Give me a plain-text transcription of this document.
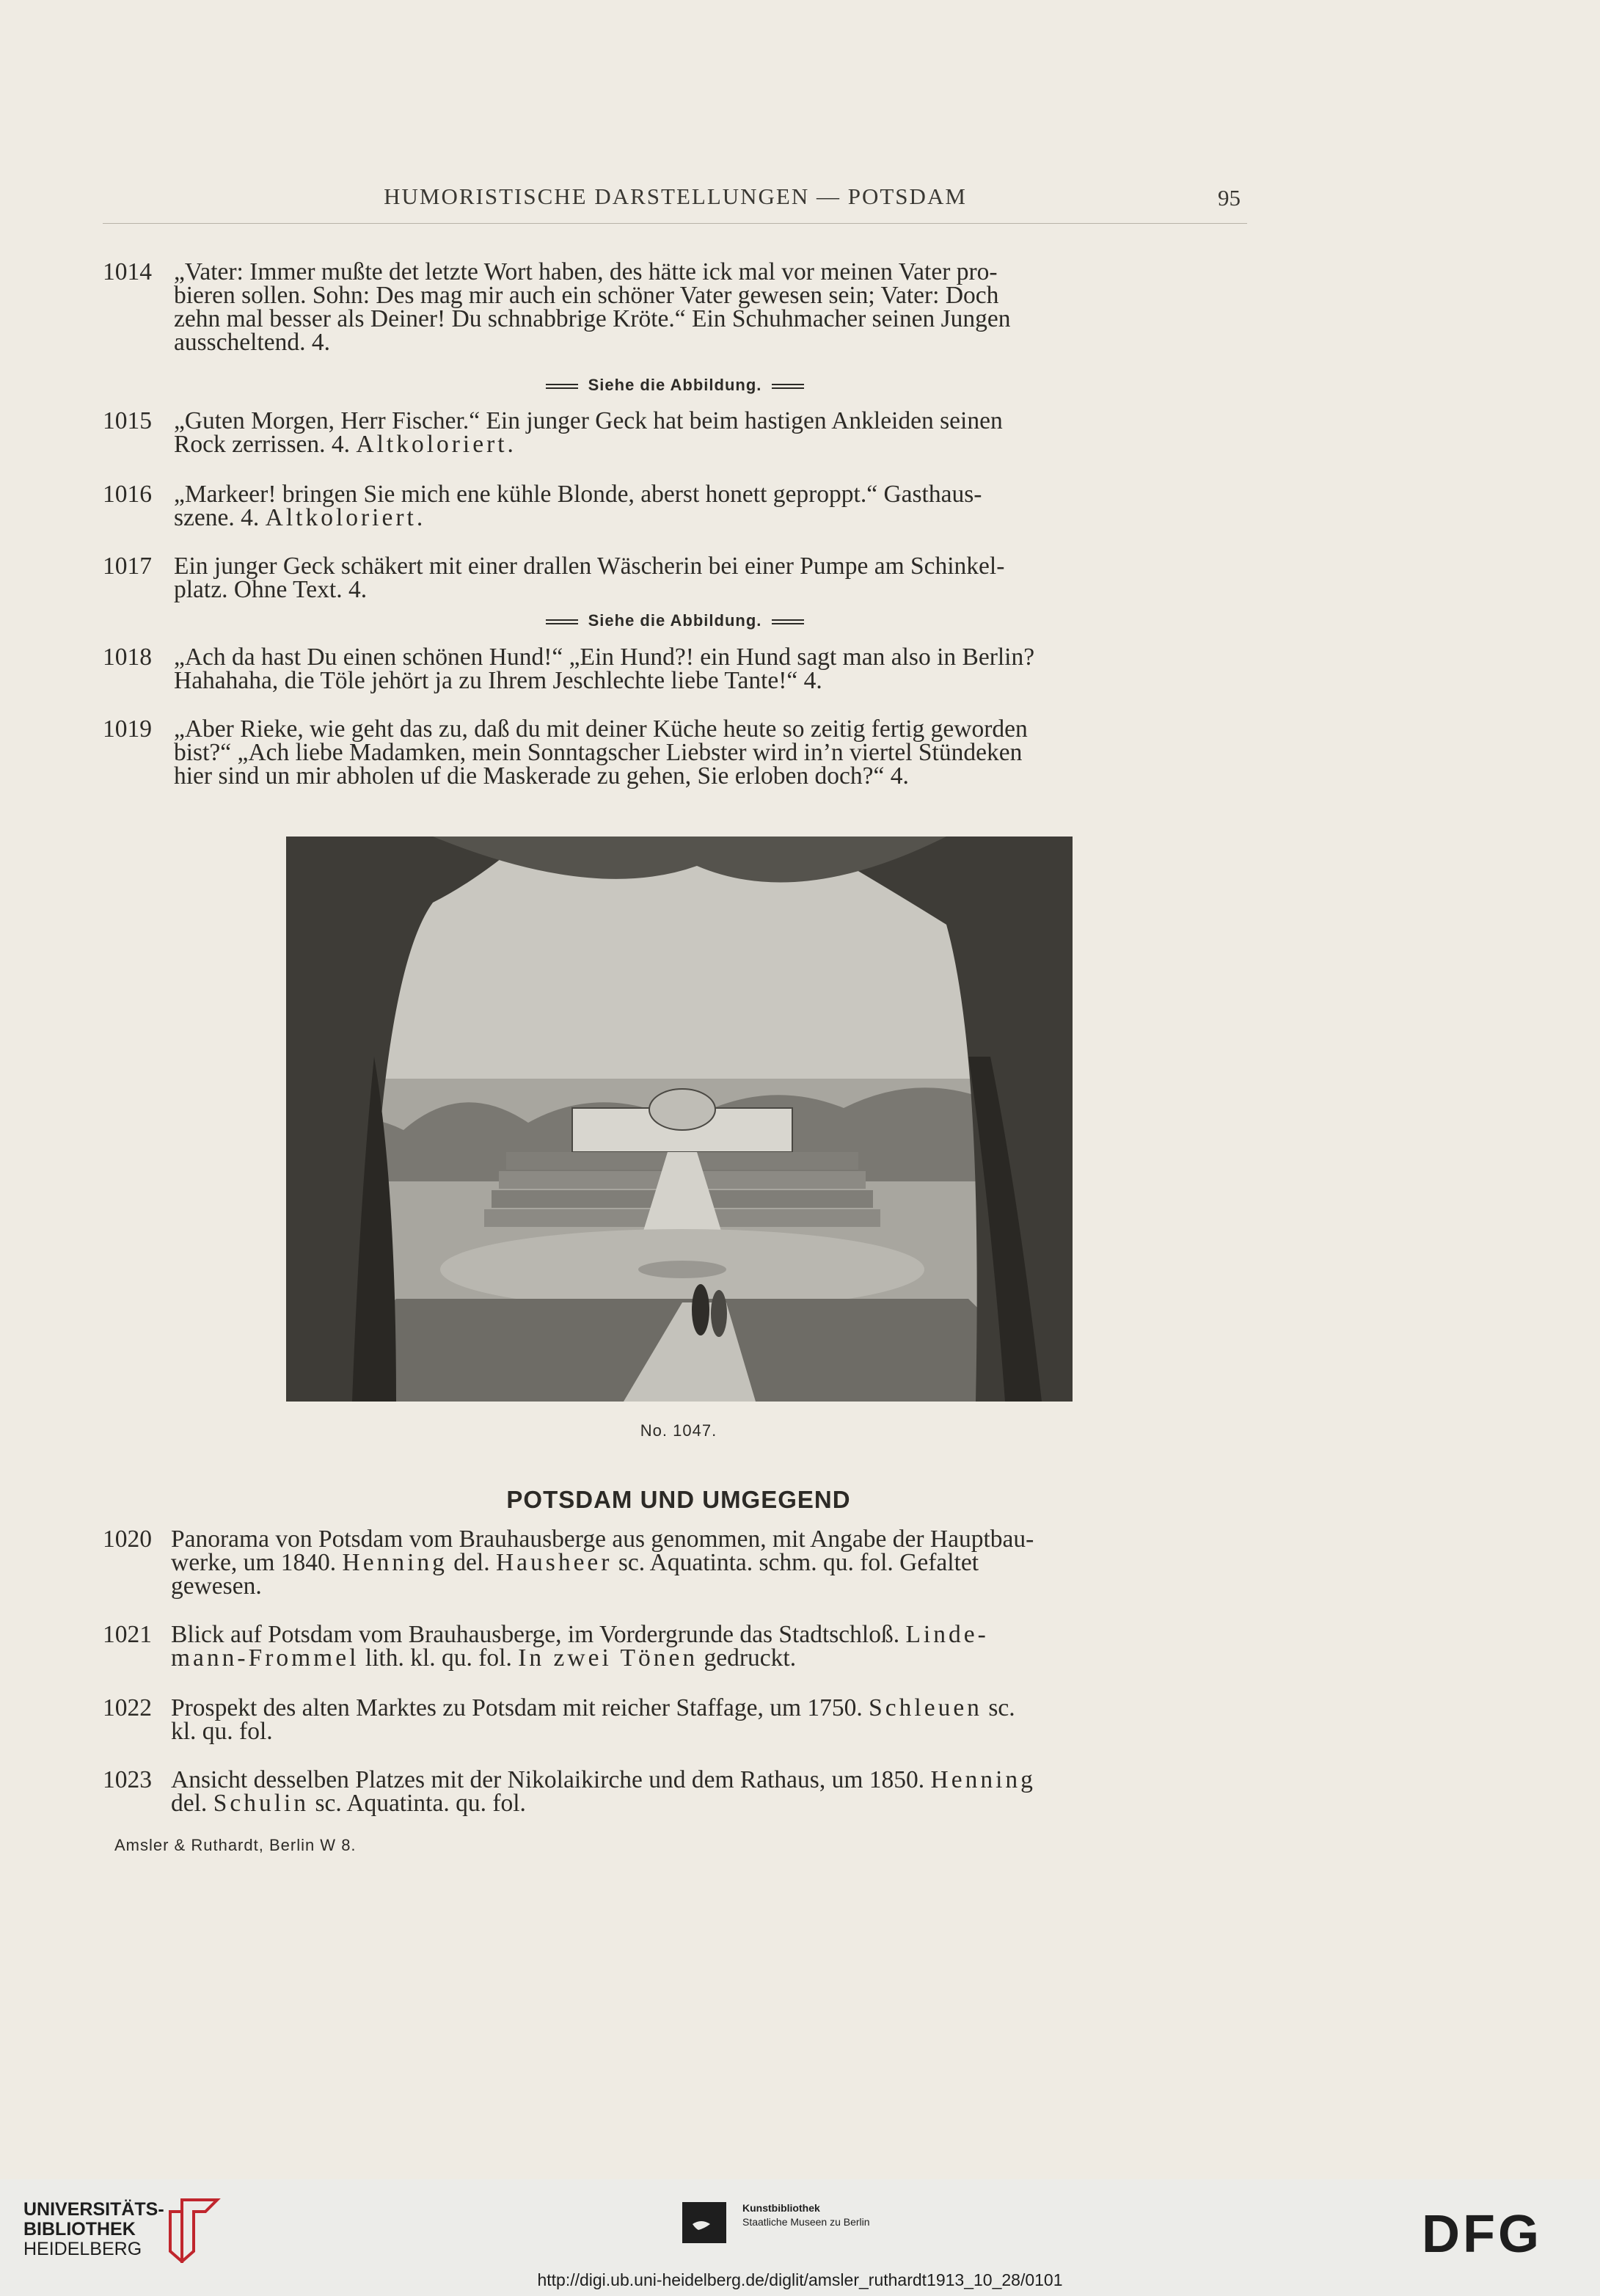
HUMORISTISCHE DARSTELLUNGEN — POTSDAM	95
1014 „Vater: Immer mußte det letzte Wort haben, des hätte ick mal vor meinen Vater pro-
bieren sollen. Sohn: Des mag mir auch ein schöner Vater gewesen sein; Vater: Doch
zehn mal besser als Deiner! Du schnabbrige Kröte.“ Ein Schuhmacher seinen Jungen
ausscheltend. 4.
Siehe die Abbildung.
1015 „Guten Morgen, Herr Fischer.“ Ein junger Geck hat beim hastigen Ankleiden seinen
Rock zerrissen. 4. Altkoloriert.
1016 „Markeer! bringen Sie mich ene kühle Blonde, aberst honett geproppt.“ Gasthaus-
szene. 4. Altkoloriert.
1017 Ein junger Geck schäkert mit einer drallen Wäscherin bei einer Pumpe am Schinkel-
platz. Ohne Text. 4.
Siehe die Abbildung.
1018 „Ach da hast Du einen schönen Hund!“ „Ein Hund?! ein Hund sagt man also in Berlin?
Hahahaha, die Töle jehört ja zu Ihrem Jeschlechte liebe Tante!“ 4.
1019 „Aber Rieke, wie geht das zu, daß du mit deiner Küche heute so zeitig fertig geworden
bist?“ „Ach liebe Madamken, mein Sonntagscher Liebster wird in’n viertel Stündeken
hier sind un mir abholen uf die Maskerade zu gehen, Sie erloben doch?“ 4.
No. 1047.
POTSDAM UND UMGEGEND
1020 Panorama von Potsdam vom Brauhausberge aus genommen, mit Angabe der Hauptbau-
werke, um 1840. Henning del. Hausheer sc. Aquatinta. schm. qu. fol. Gefaltet
gewesen.
1021 Blick auf Potsdam vom Brauhausberge, im Vordergrunde das Stadtschloß. Linde-
mann-Frommel lith. kl. qu. fol. In zwei Tönen gedruckt.
1022 Prospekt des alten Marktes zu Potsdam mit reicher Staffage, um 1750. Schleuen sc.
kl. qu. fol.
1023 Ansicht desselben Platzes mit der Nikolaikirche und dem Rathaus, um 1850. Henning
del. Schulin sc. Aquatinta. qu. fol.
Amsler & Ruthardt, Berlin W 8.
UNIVERSITÄTS-
BIBLIOTHEK
HEIDELBERG
Kunstbibliothek
Staatliche Museen zu Berlin	DFG
http://digi.ub.uni-heidelberg.de/diglit/amsler_ruthardt1913_10_28/0101
